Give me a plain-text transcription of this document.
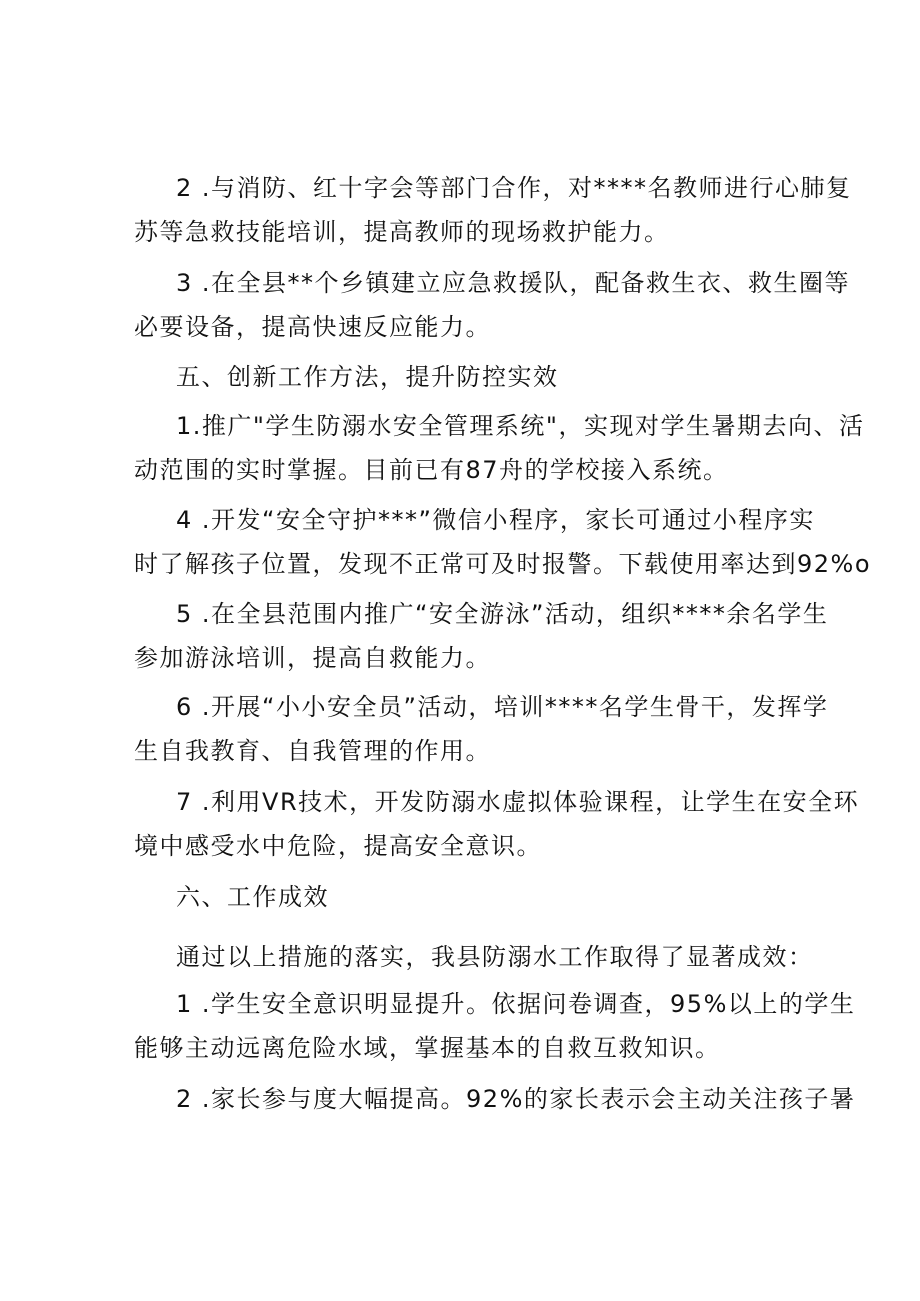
2 .与消防、红十字会等部门合作，对****名教师进行心肺复
苏等急救技能培训，提高教师的现场救护能力。
3 .在全县**个乡镇建立应急救援队，配备救生衣、救生圈等
必要设备，提高快速反应能力。
五、创新工作方法，提升防控实效
1.推广"学生防溺水安全管理系统"，实现对学生暑期去向、活
动范围的实时掌握。目前已有87舟的学校接入系统。
4 .开发“安全守护***”微信小程序，家长可通过小程序实
时了解孩子位置，发现不正常可及时报警。下载使用率达到92%o
5 .在全县范围内推广“安全游泳”活动，组织****余名学生
参加游泳培训，提高自救能力。
6 .开展“小小安全员”活动，培训****名学生骨干，发挥学
生自我教育、自我管理的作用。
7 .利用VR技术，开发防溺水虚拟体验课程，让学生在安全环
境中感受水中危险，提高安全意识。
六、工作成效
通过以上措施的落实，我县防溺水工作取得了显著成效：
1 .学生安全意识明显提升。依据问卷调查，95%以上的学生
能够主动远离危险水域，掌握基本的自救互救知识。
2 .家长参与度大幅提高。92%的家长表示会主动关注孩子暑
